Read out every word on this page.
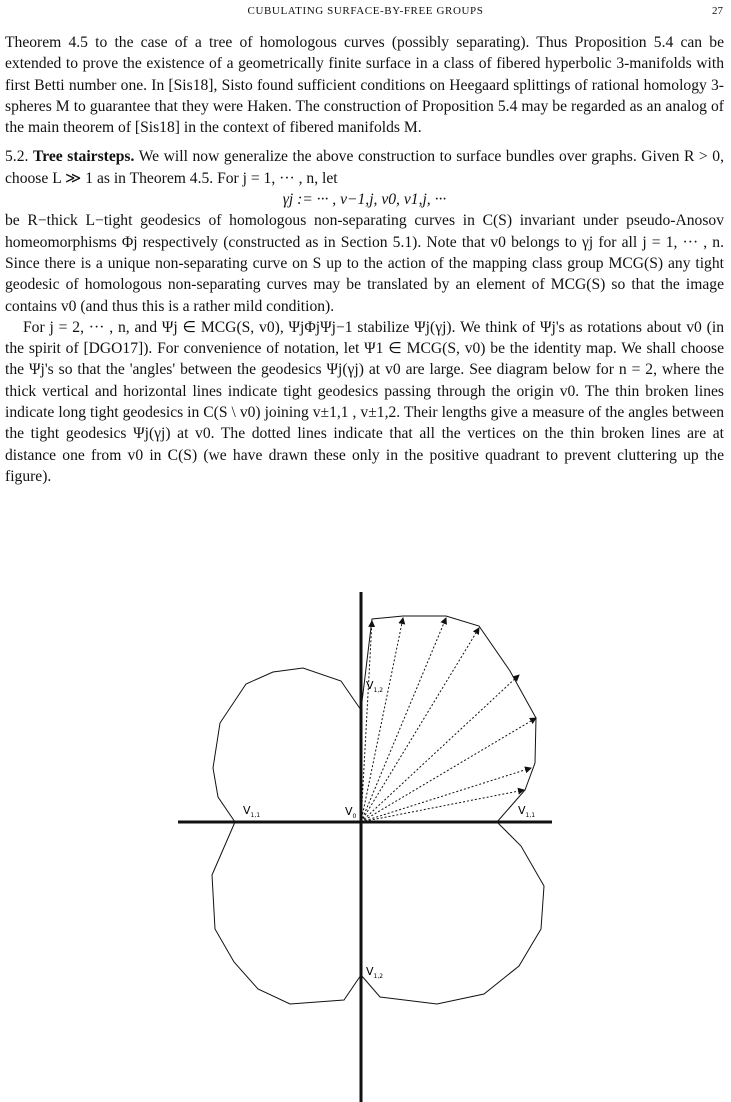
CUBULATING SURFACE-BY-FREE GROUPS	27

Theorem 4.5 to the case of a tree of homologous curves (possibly separating). Thus Proposition 5.4 can be extended to prove the existence of a geometrically finite surface in a class of fibered hyperbolic 3-manifolds with first Betti number one. In [Sis18], Sisto found sufficient conditions on Heegaard splittings of rational homology 3-spheres M to guarantee that they were Haken. The construction of Proposition 5.4 may be regarded as an analog of the main theorem of [Sis18] in the context of fibered manifolds M.

5.2. Tree stairsteps. We will now generalize the above construction to surface bundles over graphs. Given R > 0, choose L ≫ 1 as in Theorem 4.5. For j = 1, ··· , n, let

γj := ··· , v−1,j, v0, v1,j, ···

be R−thick L−tight geodesics of homologous non-separating curves in C(S) invariant under pseudo-Anosov homeomorphisms Φj respectively (constructed as in Section 5.1). Note that v0 belongs to γj for all j = 1, ··· , n. Since there is a unique non-separating curve on S up to the action of the mapping class group MCG(S) any tight geodesic of homologous non-separating curves may be translated by an element of MCG(S) so that the image contains v0 (and thus this is a rather mild condition).

For j = 2, ··· , n, and Ψj ∈ MCG(S, v0), ΨjΦjΨj−1 stabilize Ψj(γj). We think of Ψj's as rotations about v0 (in the spirit of [DGO17]). For convenience of notation, let Ψ1 ∈ MCG(S, v0) be the identity map. We shall choose the Ψj's so that the 'angles' between the geodesics Ψj(γj) at v0 are large. See diagram below for n = 2, where the thick vertical and horizontal lines indicate tight geodesics passing through the origin v0. The thin broken lines indicate long tight geodesics in C(S \ v0) joining v±1,1 , v±1,2. Their lengths give a measure of the angles between the tight geodesics Ψj(γj) at v0. The dotted lines indicate that all the vertices on the thin broken lines are at distance one from v0 in C(S) (we have drawn these only in the positive quadrant to prevent cluttering up the figure).

$V_{1,2}$
$V_0$
$V_{1,1}$	$V_{1,1}$
$V_{1,2}$
